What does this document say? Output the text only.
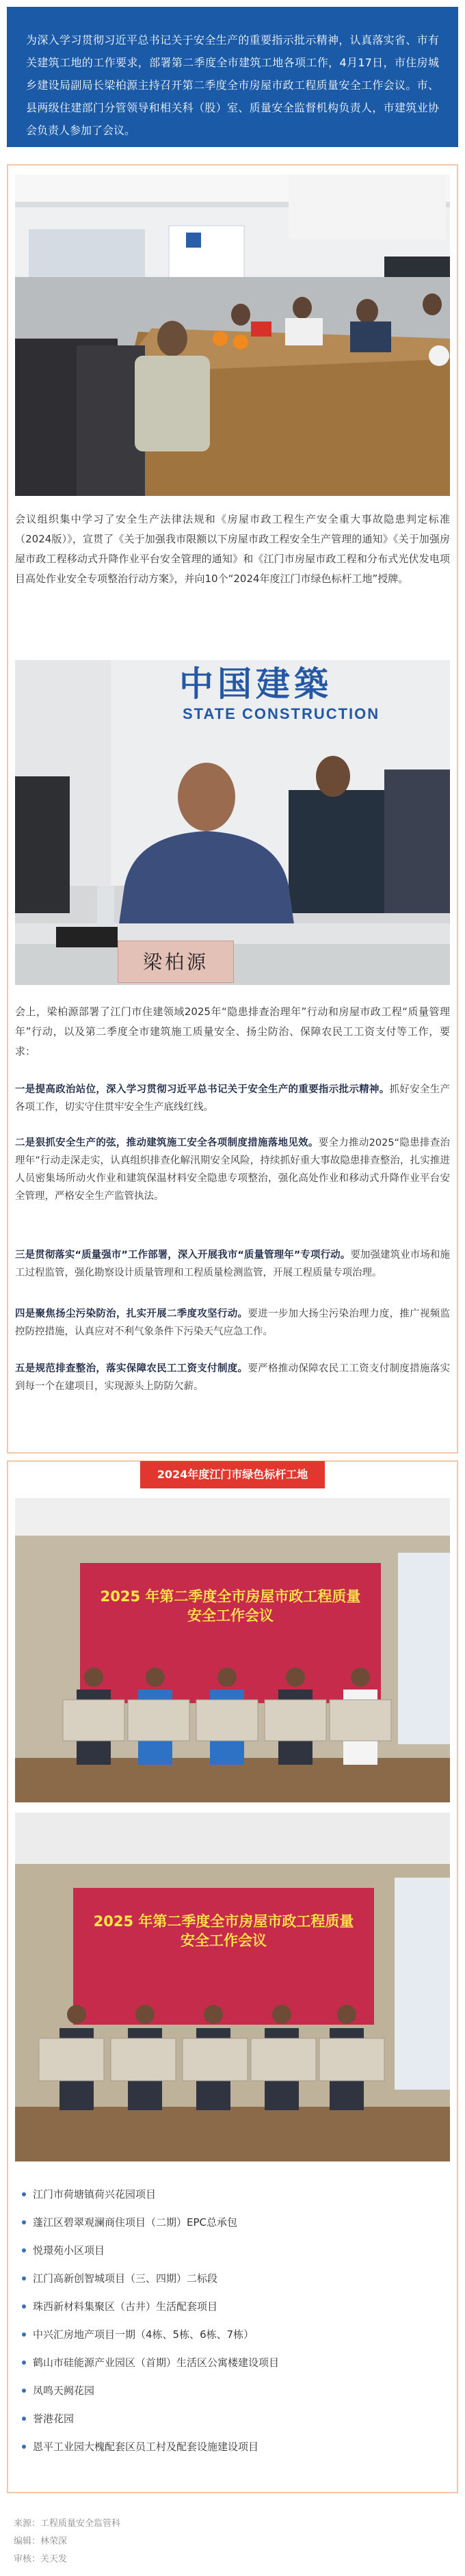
为深入学习贯彻习近平总书记关于安全生产的重要指示批示精神，认真落实省、市有关建筑工地的工作要求，部署第二季度全市建筑工地各项工作，4月17日，市住房城乡建设局副局长梁柏源主持召开第二季度全市房屋市政工程质量安全工作会议。市、县两级住建部门分管领导和相关科（股）室、质量安全监督机构负责人，市建筑业协会负责人参加了会议。

会议组织集中学习了安全生产法律法规和《房屋市政工程生产安全重大事故隐患判定标准（2024版）》，宣贯了《关于加强我市限额以下房屋市政工程安全生产管理的通知》《关于加强房屋市政工程移动式升降作业平台安全管理的通知》和《江门市房屋市政工程和分布式光伏发电项目高处作业安全专项整治行动方案》，并向10个“2024年度江门市绿色标杆工地”授牌。

中国建築
STATE CONSTRUCTION
梁柏源

会上，梁柏源部署了江门市住建领域2025年“隐患排查治理年”行动和房屋市政工程“质量管理年”行动，以及第二季度全市建筑施工质量安全、扬尘防治、保障农民工工资支付等工作，要求：

一是提高政治站位，深入学习贯彻习近平总书记关于安全生产的重要指示批示精神。抓好安全生产各项工作，切实守住贯牢安全生产底线红线。
二是狠抓安全生产的弦，推动建筑施工安全各项制度措施落地见效。要全力推动2025“隐患排查治理年”行动走深走实，认真组织排查化解汛期安全风险，持续抓好重大事故隐患排查整治，扎实推进人员密集场所动火作业和建筑保温材料安全隐患专项整治，强化高处作业和移动式升降作业平台安全管理，严格安全生产监管执法。
三是贯彻落实“质量强市”工作部署，深入开展我市“质量管理年”专项行动。要加强建筑业市场和施工过程监管，强化勘察设计质量管理和工程质量检测监管，开展工程质量专项治理。
四是聚焦扬尘污染防治，扎实开展二季度攻坚行动。要进一步加大扬尘污染治理力度，推广视频监控防控措施，认真应对不利气象条件下污染天气应急工作。
五是规范排查整治，落实保障农民工工资支付制度。要严格推动保障农民工工资支付制度措施落实到每一个在建项目，实现源头上防防欠薪。
2024年度江门市绿色标杆工地
2025 年第二季度全市房屋市政工程质量安全工作会议
2025 年第二季度全市房屋市政工程质量安全工作会议
江门市荷塘镇荷兴花园项目
蓬江区碧翠观澜商住项目（二期）EPC总承包
悦璟苑小区项目
江门高新创智城项目（三、四期）二标段
珠西新材料集聚区（古井）生活配套项目
中兴汇房地产项目一期（4栋、5栋、6栋、7栋）
鹤山市硅能源产业园区（首期）生活区公寓楼建设项目
凤鸣天阙花园
誉港花园
恩平工业园大槐配套区员工村及配套设施建设项目
来源：工程质量安全监管科
编辑：林荣深
审核：关天发
